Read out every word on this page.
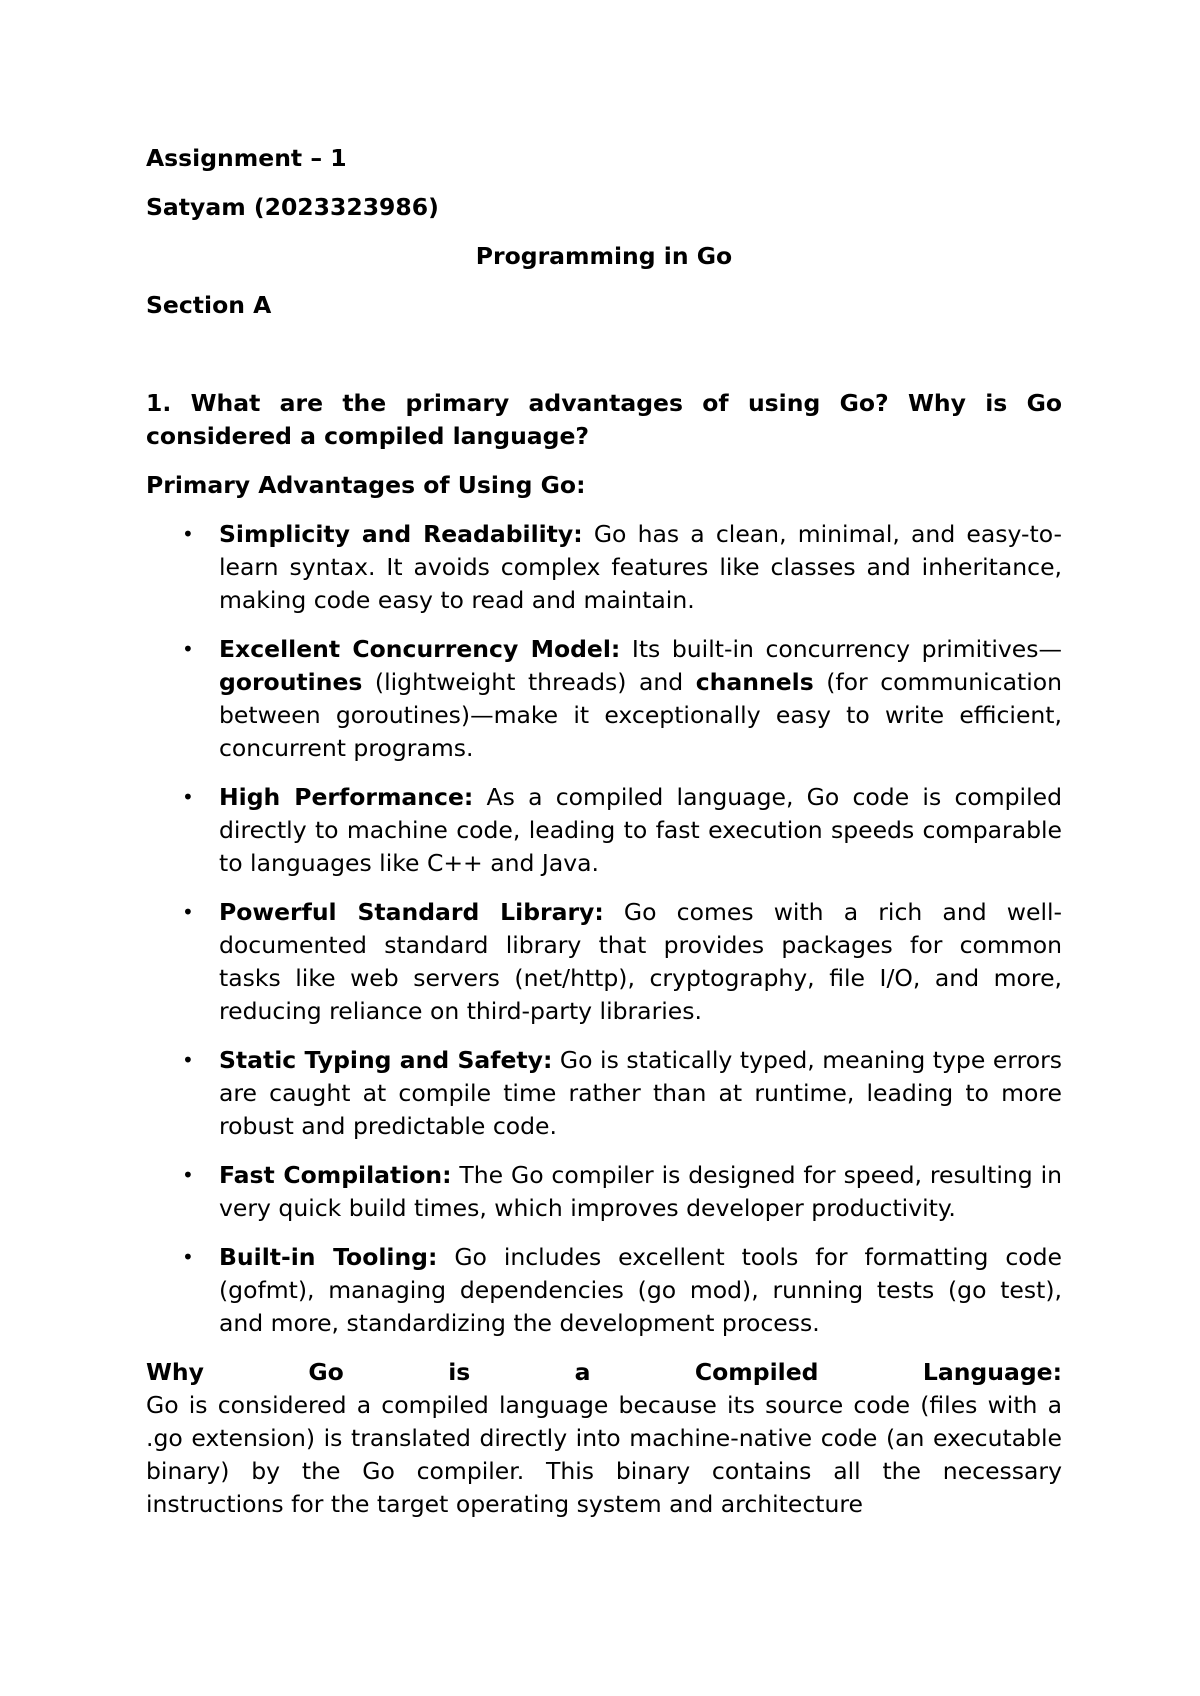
Assignment – 1

Satyam (2023323986)

Programming in Go

Section A

1. What are the primary advantages of using Go? Why is Go considered a compiled language?

Primary Advantages of Using Go:

• Simplicity and Readability: Go has a clean, minimal, and easy-to-learn syntax. It avoids complex features like classes and inheritance, making code easy to read and maintain.
• Excellent Concurrency Model: Its built-in concurrency primitives—goroutines (lightweight threads) and channels (for communication between goroutines)—make it exceptionally easy to write efficient, concurrent programs.
• High Performance: As a compiled language, Go code is compiled directly to machine code, leading to fast execution speeds comparable to languages like C++ and Java.
• Powerful Standard Library: Go comes with a rich and well-documented standard library that provides packages for common tasks like web servers (net/http), cryptography, file I/O, and more, reducing reliance on third-party libraries.
• Static Typing and Safety: Go is statically typed, meaning type errors are caught at compile time rather than at runtime, leading to more robust and predictable code.
• Fast Compilation: The Go compiler is designed for speed, resulting in very quick build times, which improves developer productivity.
• Built-in Tooling: Go includes excellent tools for formatting code (gofmt), managing dependencies (go mod), running tests (go test), and more, standardizing the development process.

Why Go is a Compiled Language:

Go is considered a compiled language because its source code (files with a .go extension) is translated directly into machine-native code (an executable binary) by the Go compiler. This binary contains all the necessary instructions for the target operating system and architecture
